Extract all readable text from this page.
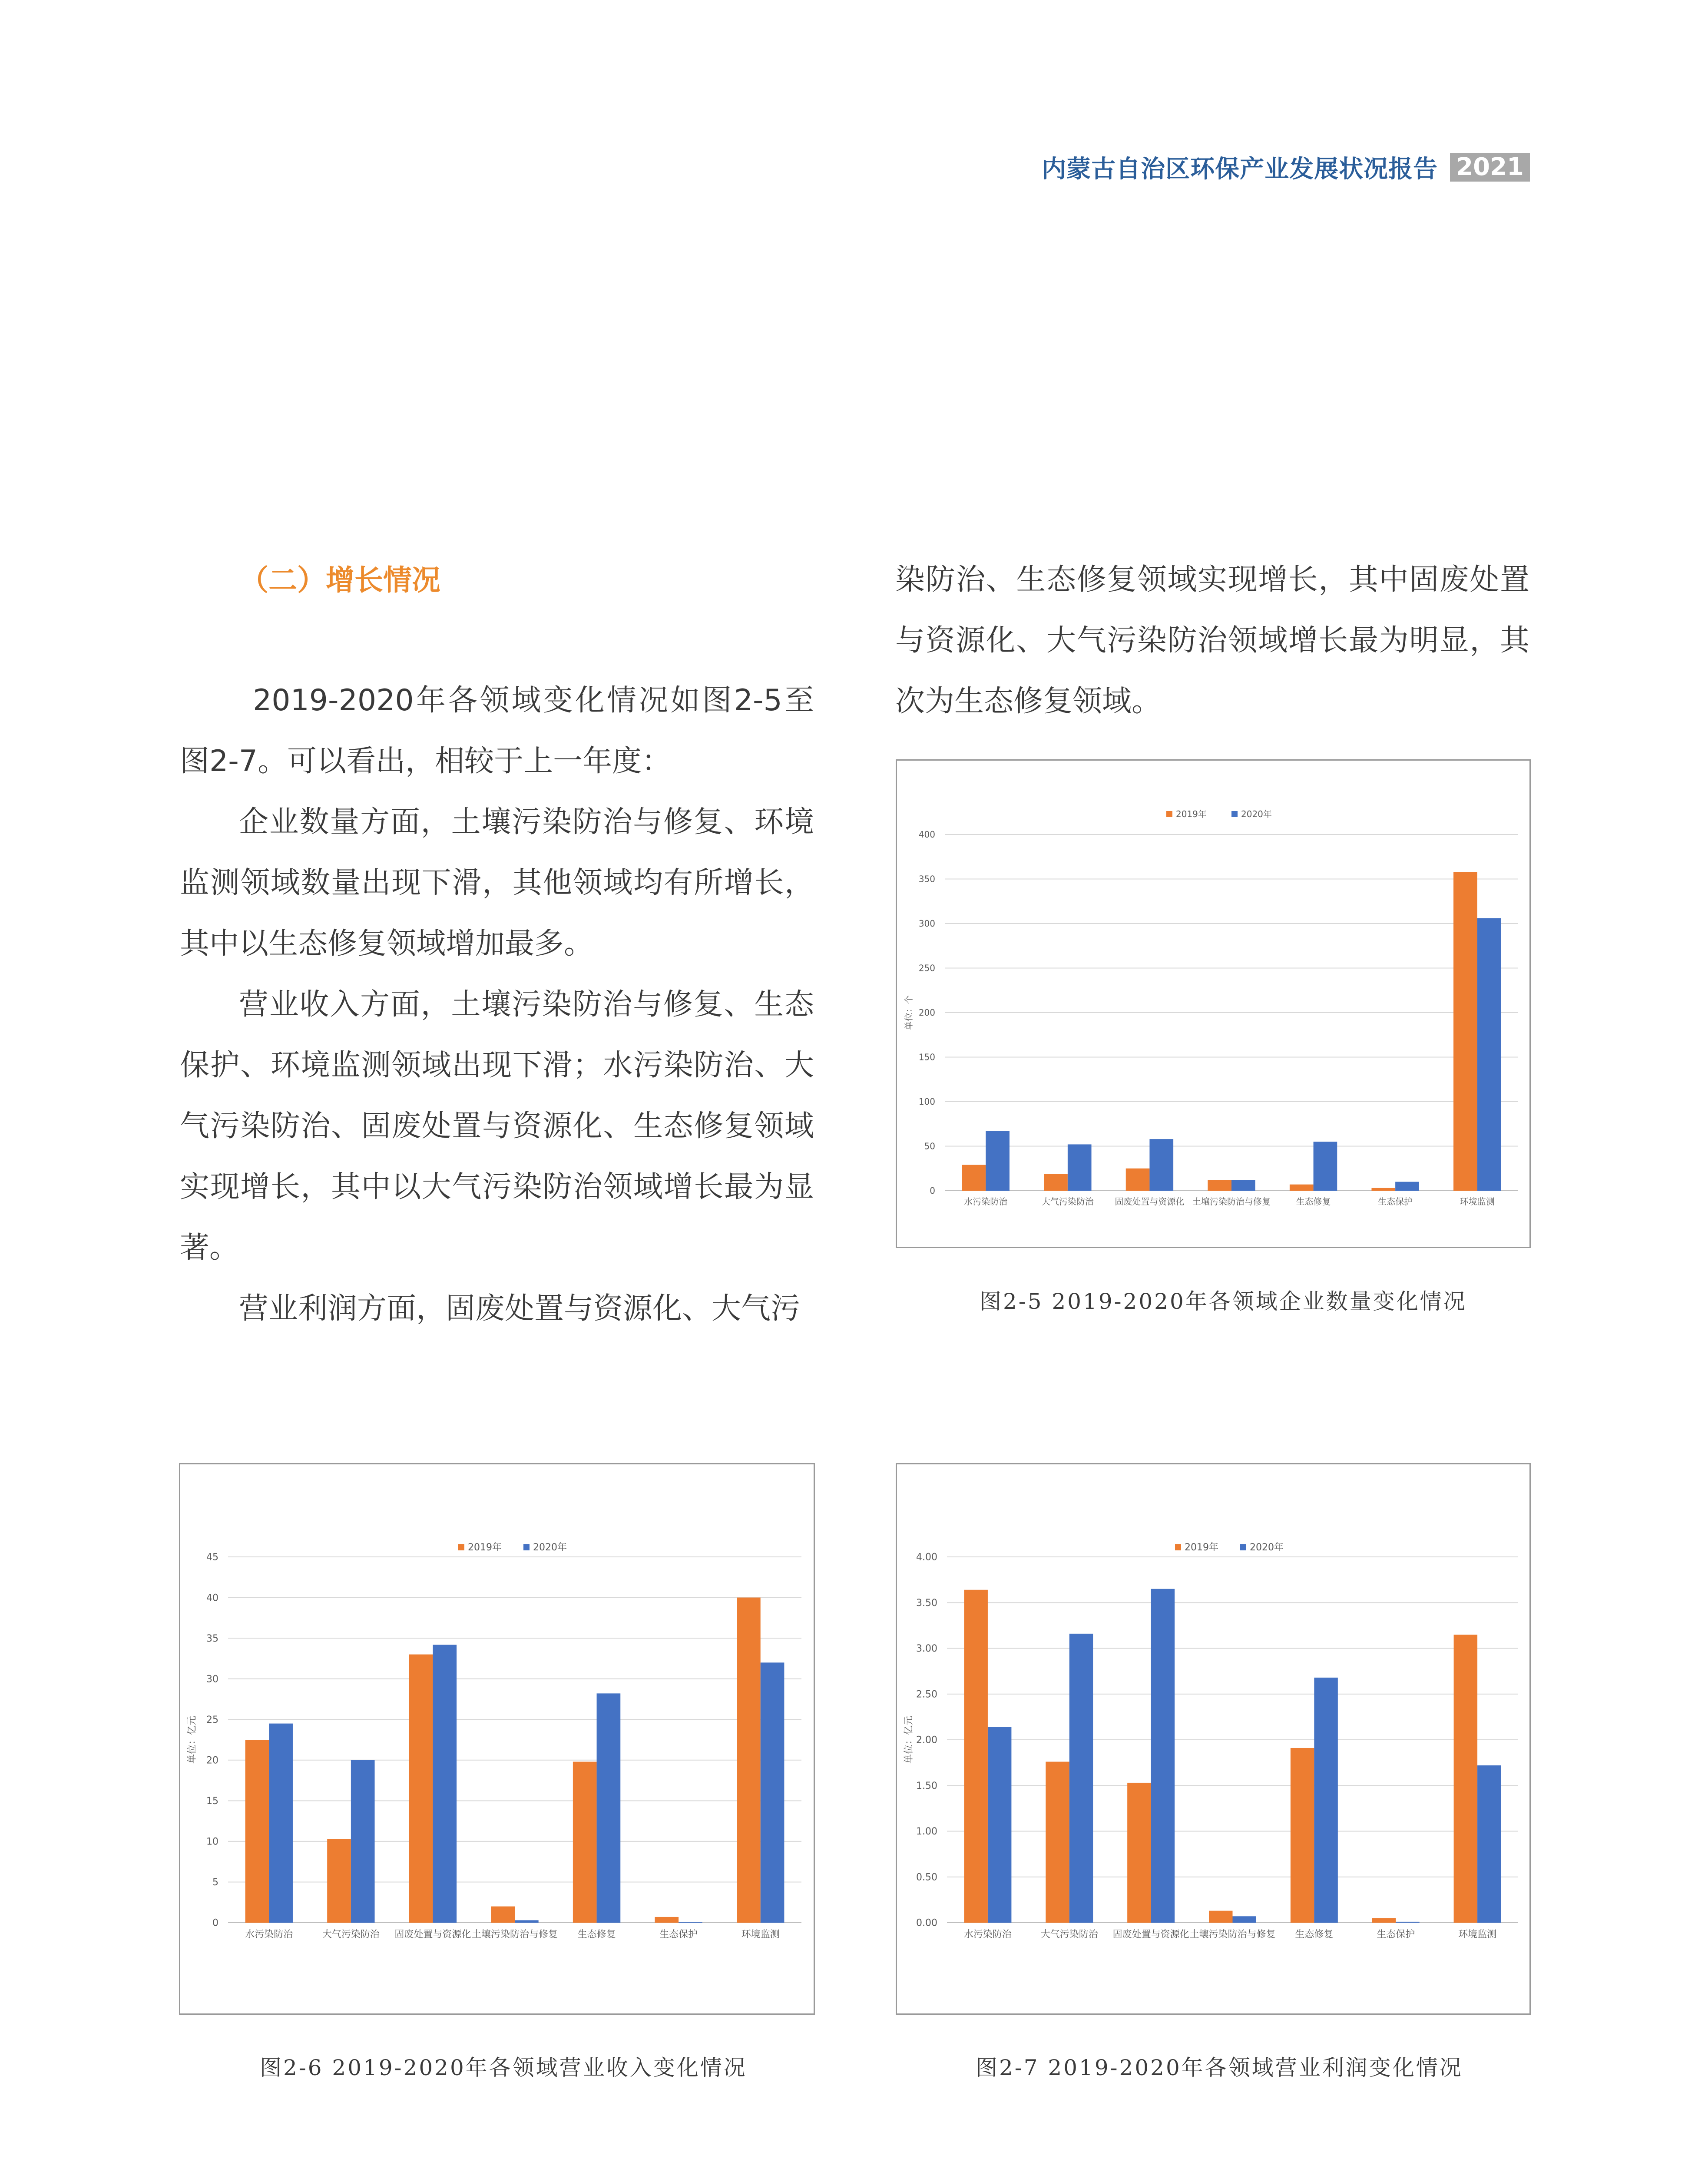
内蒙古自治区环保产业发展状况报告 2021
（二）增长情况

2019-2020年各领域变化情况如图2-5至图2-7。可以看出，相较于上一年度：

企业数量方面，土壤污染防治与修复、环境监测领域数量出现下滑，其他领域均有所增长，其中以生态修复领域增加最多。

营业收入方面，土壤污染防治与修复、生态保护、环境监测领域出现下滑；水污染防治、大气污染防治、固废处置与资源化、生态修复领域实现增长，其中以大气污染防治领域增长最为显著。

营业利润方面，固废处置与资源化、大气污

染防治、生态修复领域实现增长，其中固废处置与资源化、大气污染防治领域增长最为明显，其次为生态修复领域。

0
50
100
150
200
250
300
350
400
单位：个
2019年	2020年
水污染防治	大气污染防治 固废处置与资源化 土壤污染防治与修复	生态修复	生态保护	环境监测
图2-5 2019-2020年各领域企业数量变化情况
0
5
10
15
20
25
30
35
40
45
单位：亿元
2019年	2020年
水污染防治	大气污染防治 固废处置与资源化 土壤污染防治与修复 生态修复	生态保护	环境监测
图2-6 2019-2020年各领域营业收入变化情况
0.00
0.50
1.00
1.50
2.00
2.50
3.00
3.50
4.00
单位：亿元
2019年	2020年
水污染防治	大气污染防治 固废处置与资源化 土壤污染防治与修复 生态修复	生态保护	环境监测
图2-7 2019-2020年各领域营业利润变化情况
